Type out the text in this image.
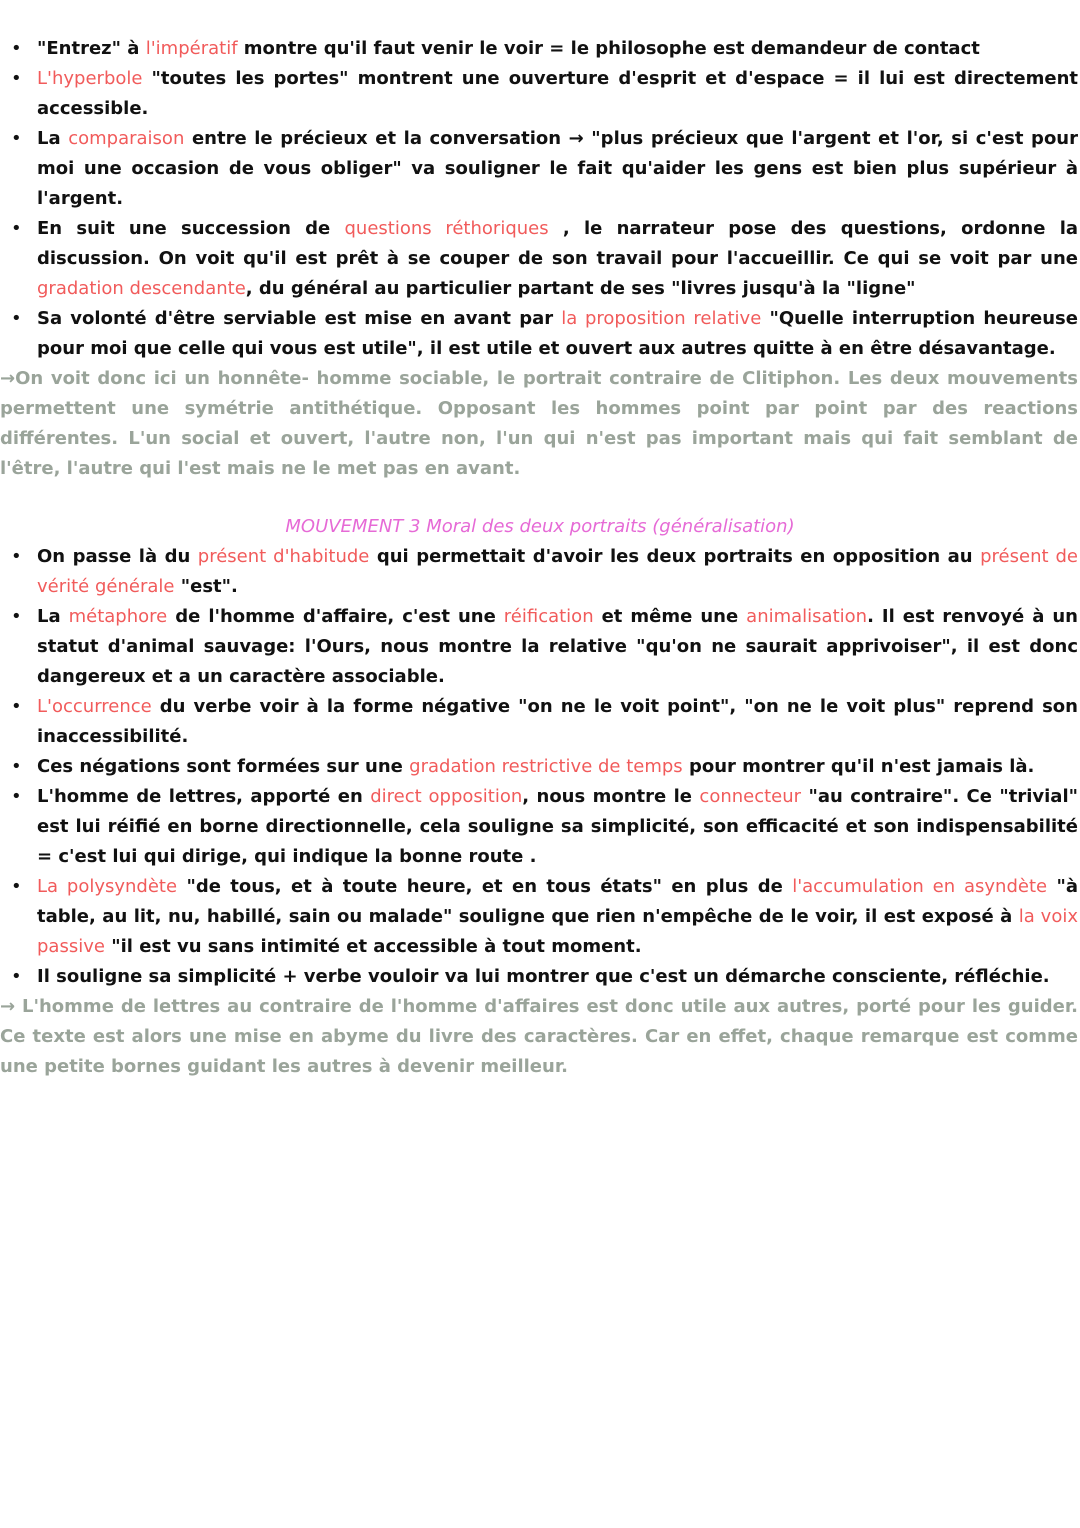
• "Entrez" à l'impératif montre qu'il faut venir le voir = le philosophe est demandeur de contact
• L'hyperbole "toutes les portes" montrent une ouverture d'esprit et d'espace = il lui est directement accessible.
• La comparaison entre le précieux et la conversation → "plus précieux que l'argent et l'or, si c'est pour moi une occasion de vous obliger" va souligner le fait qu'aider les gens est bien plus supérieur à l'argent.
• En suit une succession de questions réthoriques , le narrateur pose des questions, ordonne la discussion. On voit qu'il est prêt à se couper de son travail pour l'accueillir. Ce qui se voit par une gradation descendante, du général au particulier partant de ses "livres jusqu'à la "ligne"
• Sa volonté d'être serviable est mise en avant par la proposition relative "Quelle interruption heureuse pour moi que celle qui vous est utile", il est utile et ouvert aux autres quitte à en être désavantage.

→On voit donc ici un honnête- homme sociable, le portrait contraire de Clitiphon. Les deux mouvements permettent une symétrie antithétique. Opposant les hommes point par point par des reactions différentes. L'un social et ouvert, l'autre non, l'un qui n'est pas important mais qui fait semblant de l'être, l'autre qui l'est mais ne le met pas en avant.

MOUVEMENT 3 Moral des deux portraits (généralisation)
• On passe là du présent d'habitude qui permettait d'avoir les deux portraits en opposition au présent de vérité générale "est".
• La métaphore de l'homme d'affaire, c'est une réification et même une animalisation. Il est renvoyé à un statut d'animal sauvage: l'Ours, nous montre la relative "qu'on ne saurait apprivoiser", il est donc dangereux et a un caractère associable.
• L'occurrence du verbe voir à la forme négative "on ne le voit point", "on ne le voit plus" reprend son inaccessibilité.
• Ces négations sont formées sur une gradation restrictive de temps pour montrer qu'il n'est jamais là.
• L'homme de lettres, apporté en direct opposition, nous montre le connecteur "au contraire". Ce "trivial" est lui réifié en borne directionnelle, cela souligne sa simplicité, son efficacité et son indispensabilité = c'est lui qui dirige, qui indique la bonne route .
• La polysyndète "de tous, et à toute heure, et en tous états" en plus de l'accumulation en asyndète "à table, au lit, nu, habillé, sain ou malade" souligne que rien n'empêche de le voir, il est exposé à la voix passive "il est vu sans intimité et accessible à tout moment.
• Il souligne sa simplicité + verbe vouloir va lui montrer que c'est un démarche consciente, réfléchie.

→ L'homme de lettres au contraire de l'homme d'affaires est donc utile aux autres, porté pour les guider. Ce texte est alors une mise en abyme du livre des caractères. Car en effet, chaque remarque est comme une petite bornes guidant les autres à devenir meilleur.
